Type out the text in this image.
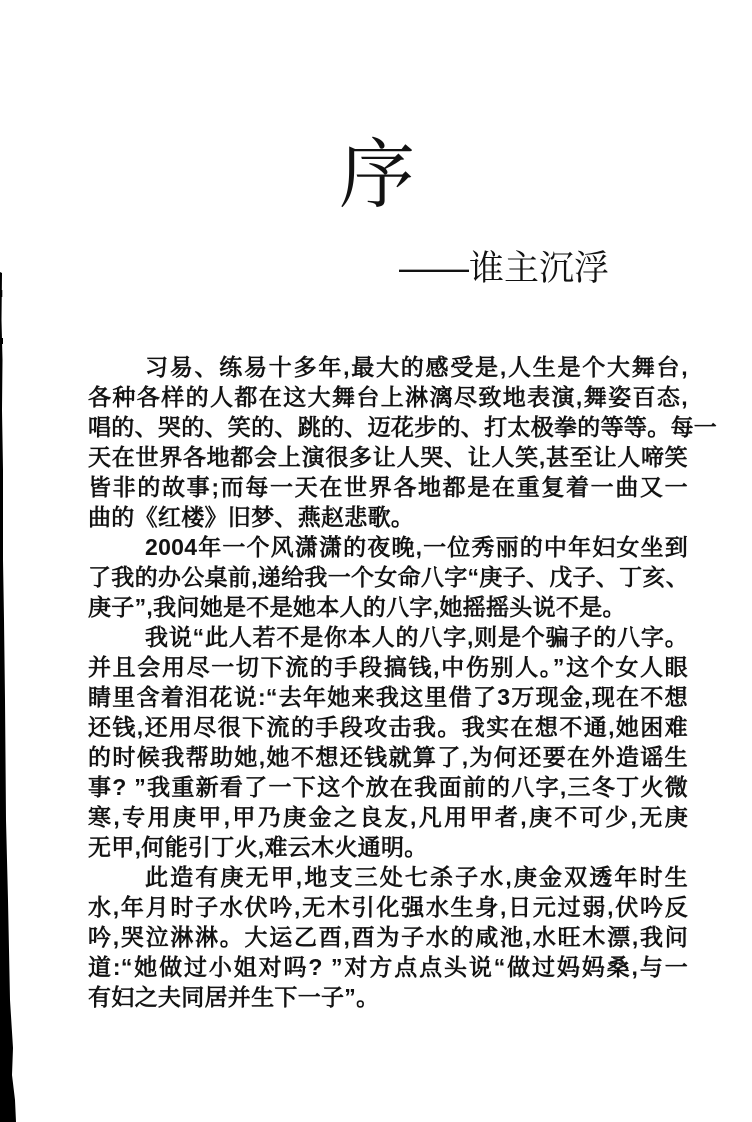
序
——谁主沉浮
习易、练易十多年,最大的感受是,人生是个大舞台,
各种各样的人都在这大舞台上淋漓尽致地表演,舞姿百态,
唱的、哭的、笑的、跳的、迈花步的、打太极拳的等等。每一
天在世界各地都会上演很多让人哭、让人笑,甚至让人啼笑
皆非的故事;而每一天在世界各地都是在重复着一曲又一
曲的《红楼》旧梦、燕赵悲歌。
2004年一个风潇潇的夜晚,一位秀丽的中年妇女坐到
了我的办公桌前,递给我一个女命八字“庚子、戊子、丁亥、
庚子”,我问她是不是她本人的八字,她摇摇头说不是。
我说“此人若不是你本人的八字,则是个骗子的八字。
并且会用尽一切下流的手段搞钱,中伤别人。”这个女人眼
睛里含着泪花说:“去年她来我这里借了3万现金,现在不想
还钱,还用尽很下流的手段攻击我。我实在想不通,她困难
的时候我帮助她,她不想还钱就算了,为何还要在外造谣生
事? ”我重新看了一下这个放在我面前的八字,三冬丁火微
寒,专用庚甲,甲乃庚金之良友,凡用甲者,庚不可少,无庚
无甲,何能引丁火,难云木火通明。
此造有庚无甲,地支三处七杀子水,庚金双透年时生
水,年月时子水伏吟,无木引化强水生身,日元过弱,伏吟反
吟,哭泣淋淋。大运乙酉,酉为子水的咸池,水旺木漂,我问
道:“她做过小姐对吗? ”对方点点头说“做过妈妈桑,与一
有妇之夫同居并生下一子”。
